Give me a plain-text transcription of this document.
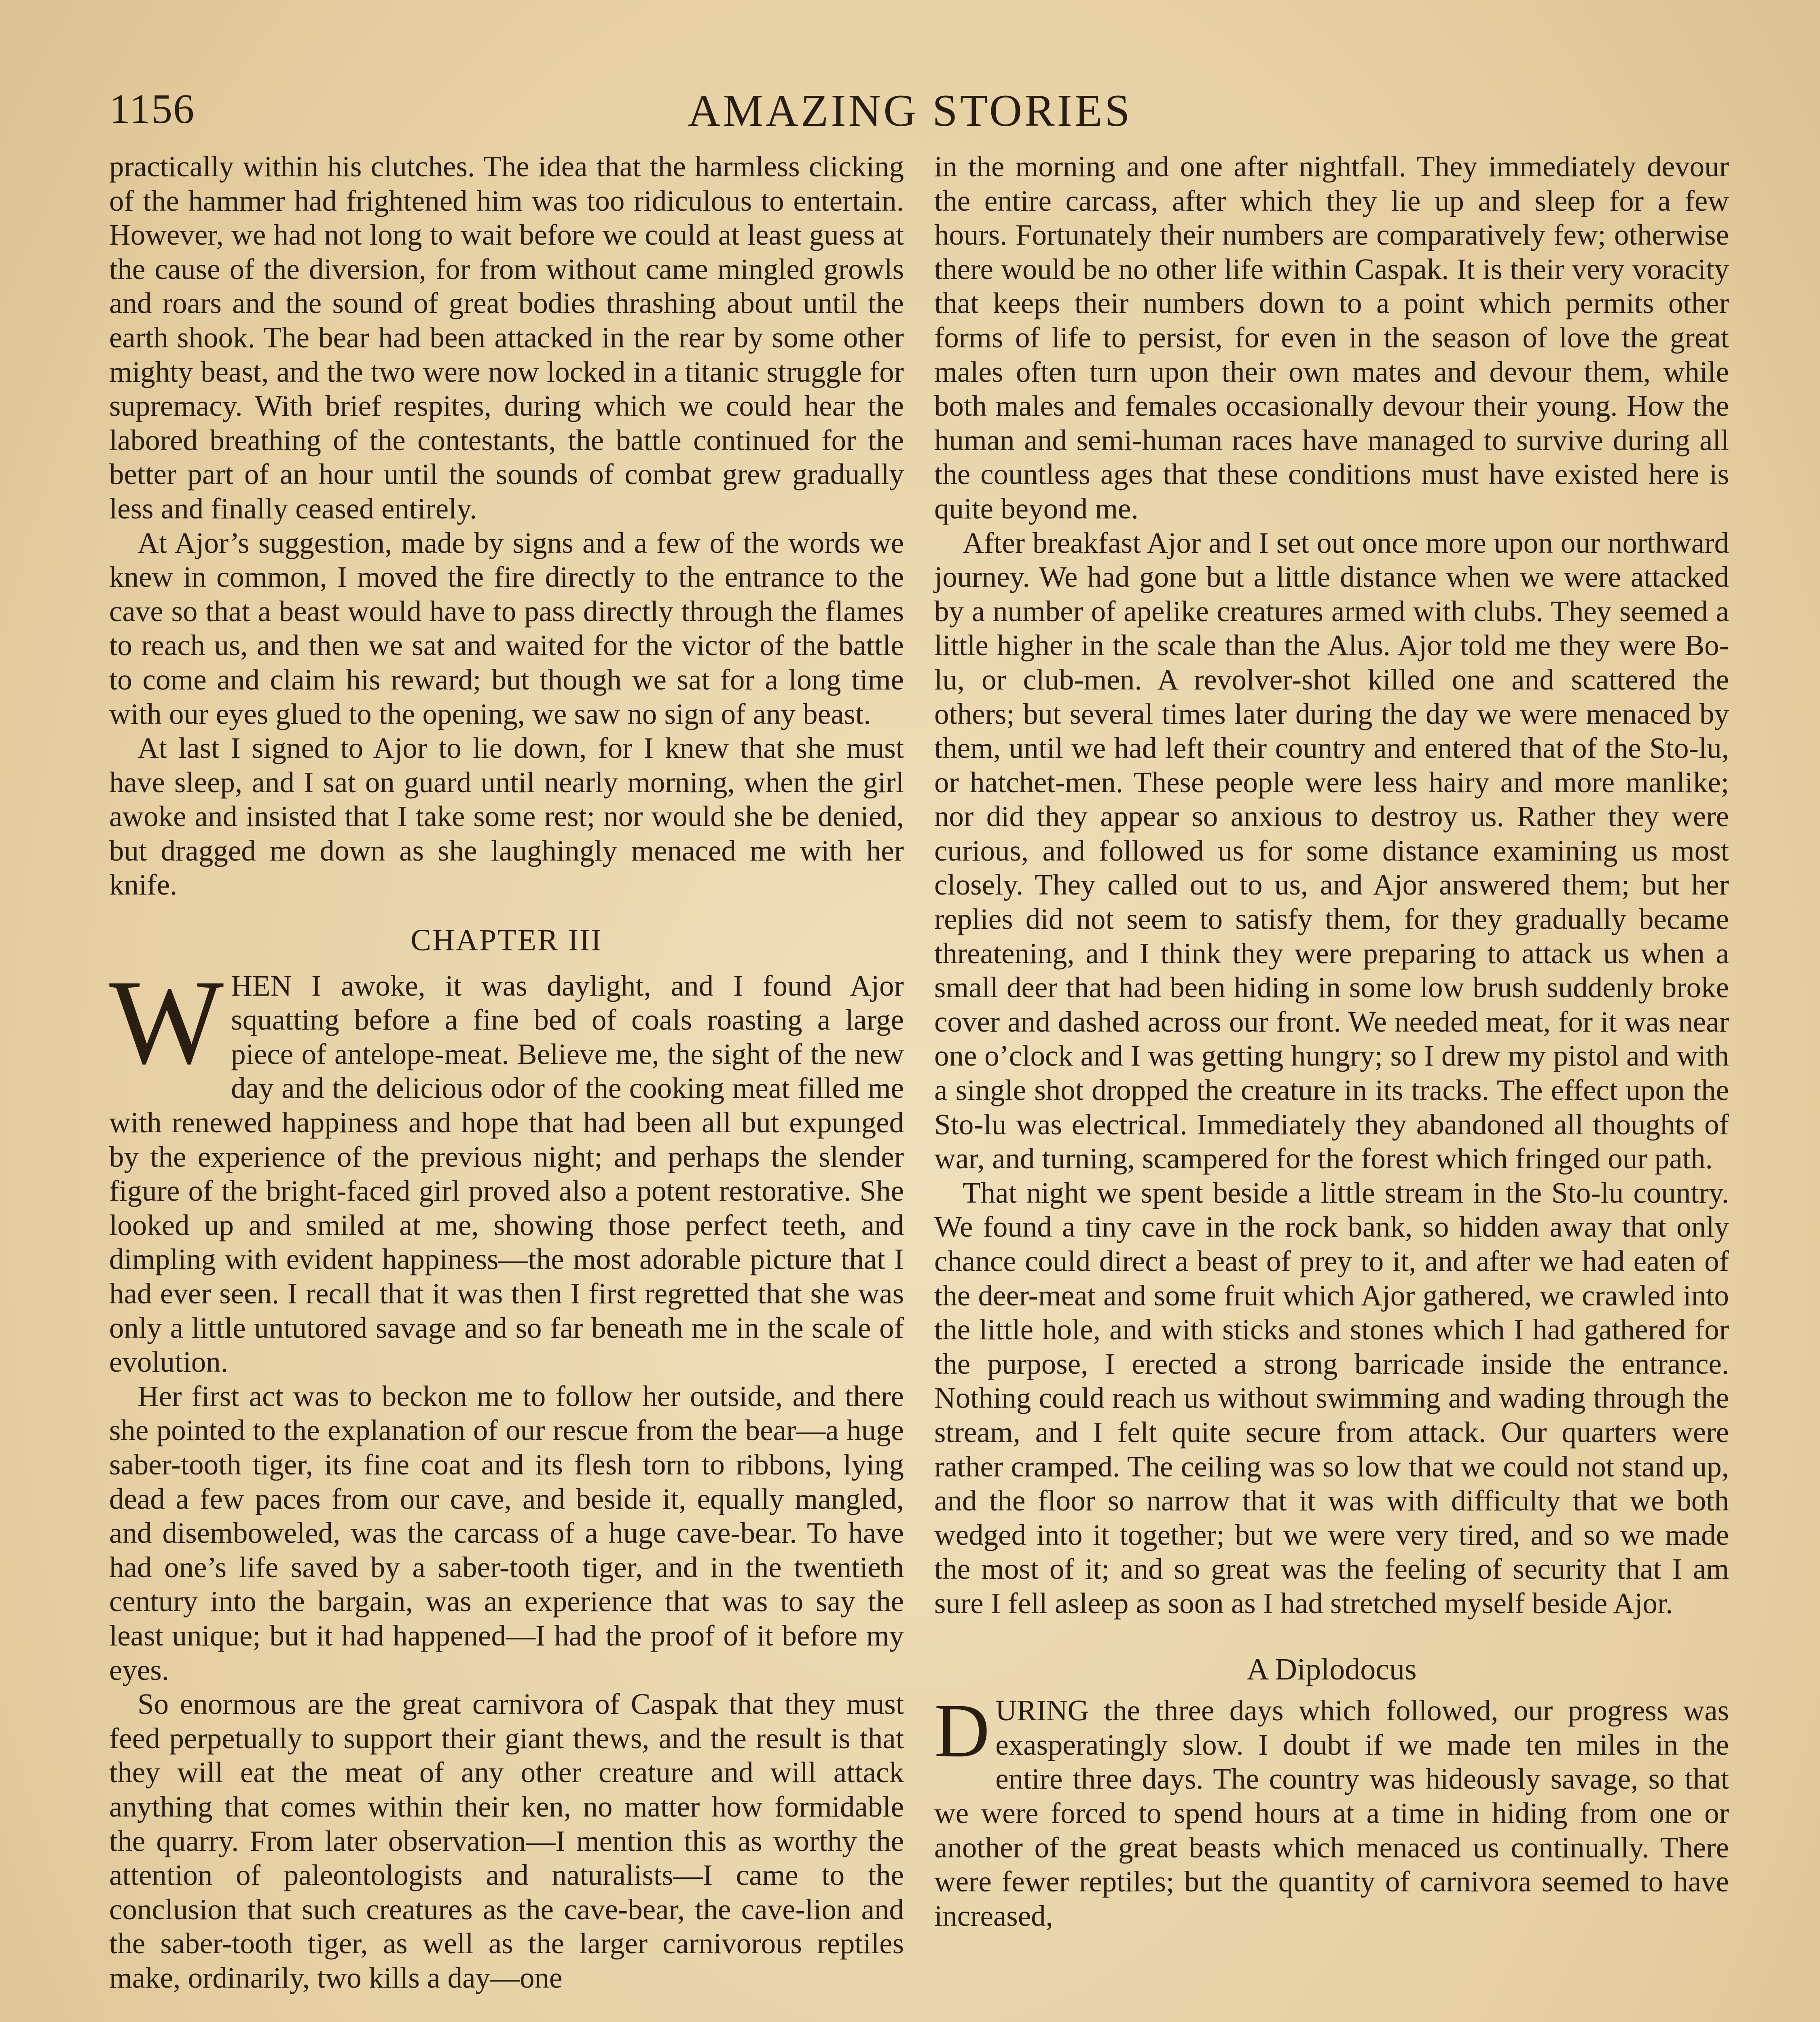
1156	AMAZING STORIES

practically within his clutches. The idea that the harmless clicking of the hammer had frightened him was too ridiculous to entertain. However, we had not long to wait before we could at least guess at the cause of the diversion, for from without came mingled growls and roars and the sound of great bodies thrashing about until the earth shook. The bear had been attacked in the rear by some other mighty beast, and the two were now locked in a titanic struggle for supremacy. With brief respites, during which we could hear the labored breathing of the contestants, the battle continued for the better part of an hour until the sounds of combat grew gradually less and finally ceased entirely.

At Ajor’s suggestion, made by signs and a few of the words we knew in common, I moved the fire directly to the entrance to the cave so that a beast would have to pass directly through the flames to reach us, and then we sat and waited for the victor of the battle to come and claim his reward; but though we sat for a long time with our eyes glued to the opening, we saw no sign of any beast.

At last I signed to Ajor to lie down, for I knew that she must have sleep, and I sat on guard until nearly morning, when the girl awoke and insisted that I take some rest; nor would she be denied, but dragged me down as she laughingly menaced me with her knife.

CHAPTER III

WHEN I awoke, it was daylight, and I found Ajor squatting before a fine bed of coals roasting a large piece of antelope-meat. Believe me, the sight of the new day and the delicious odor of the cooking meat filled me with renewed happiness and hope that had been all but expunged by the experience of the previous night; and perhaps the slender figure of the bright-faced girl proved also a potent restorative. She looked up and smiled at me, showing those perfect teeth, and dimpling with evident happiness—the most adorable picture that I had ever seen. I recall that it was then I first regretted that she was only a little untutored savage and so far beneath me in the scale of evolution.

Her first act was to beckon me to follow her outside, and there she pointed to the explanation of our rescue from the bear—a huge saber-tooth tiger, its fine coat and its flesh torn to ribbons, lying dead a few paces from our cave, and beside it, equally mangled, and disemboweled, was the carcass of a huge cave-bear. To have had one’s life saved by a saber-tooth tiger, and in the twentieth century into the bargain, was an experience that was to say the least unique; but it had happened—I had the proof of it before my eyes.

So enormous are the great carnivora of Caspak that they must feed perpetually to support their giant thews, and the result is that they will eat the meat of any other creature and will attack anything that comes within their ken, no matter how formidable the quarry. From later observation—I mention this as worthy the attention of paleontologists and naturalists—I came to the conclusion that such creatures as the cave-bear, the cave-lion and the saber-tooth tiger, as well as the larger carnivorous reptiles make, ordinarily, two kills a day—one

in the morning and one after nightfall. They immediately devour the entire carcass, after which they lie up and sleep for a few hours. Fortunately their numbers are comparatively few; otherwise there would be no other life within Caspak. It is their very voracity that keeps their numbers down to a point which permits other forms of life to persist, for even in the season of love the great males often turn upon their own mates and devour them, while both males and females occasionally devour their young. How the human and semi-human races have managed to survive during all the countless ages that these conditions must have existed here is quite beyond me.

After breakfast Ajor and I set out once more upon our northward journey. We had gone but a little distance when we were attacked by a number of apelike creatures armed with clubs. They seemed a little higher in the scale than the Alus. Ajor told me they were Bo-lu, or club-men. A revolver-shot killed one and scattered the others; but several times later during the day we were menaced by them, until we had left their country and entered that of the Sto-lu, or hatchet-men. These people were less hairy and more manlike; nor did they appear so anxious to destroy us. Rather they were curious, and followed us for some distance examining us most closely. They called out to us, and Ajor answered them; but her replies did not seem to satisfy them, for they gradually became threatening, and I think they were preparing to attack us when a small deer that had been hiding in some low brush suddenly broke cover and dashed across our front. We needed meat, for it was near one o’clock and I was getting hungry; so I drew my pistol and with a single shot dropped the creature in its tracks. The effect upon the Sto-lu was electrical. Immediately they abandoned all thoughts of war, and turning, scampered for the forest which fringed our path.

That night we spent beside a little stream in the Sto-lu country. We found a tiny cave in the rock bank, so hidden away that only chance could direct a beast of prey to it, and after we had eaten of the deer-meat and some fruit which Ajor gathered, we crawled into the little hole, and with sticks and stones which I had gathered for the purpose, I erected a strong barricade inside the entrance. Nothing could reach us without swimming and wading through the stream, and I felt quite secure from attack. Our quarters were rather cramped. The ceiling was so low that we could not stand up, and the floor so narrow that it was with difficulty that we both wedged into it together; but we were very tired, and so we made the most of it; and so great was the feeling of security that I am sure I fell asleep as soon as I had stretched myself beside Ajor.

A Diplodocus

DURING the three days which followed, our progress was exasperatingly slow. I doubt if we made ten miles in the entire three days. The country was hideously savage, so that we were forced to spend hours at a time in hiding from one or another of the great beasts which menaced us continually. There were fewer reptiles; but the quantity of carnivora seemed to have increased,
